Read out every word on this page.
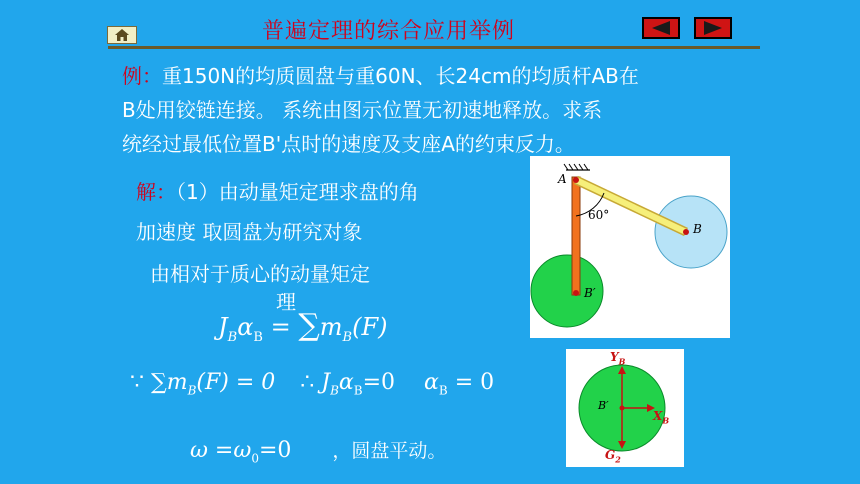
普遍定理的综合应用举例
例：重150N的均质圆盘与重60N、长24cm的均质杆AB在
B处用铰链连接。 系统由图示位置无初速地释放。求系
统经过最低位置B'点时的速度及支座A的约束反力。
解：（1）由动量矩定理求盘的角
加速度 取圆盘为研究对象
由相对于质心的动量矩定
理
$J_B\alpha_B = \sum m_B(F)$
∵ $\sum m_B(F) = 0$ ∴ $J_B\alpha_B=0$ $\alpha_B = 0$
$\omega =\omega_0=0$ ，圆盘平动。
A
60°
B
B′
$Y_B$
$X_B$
$G_2$
B′
